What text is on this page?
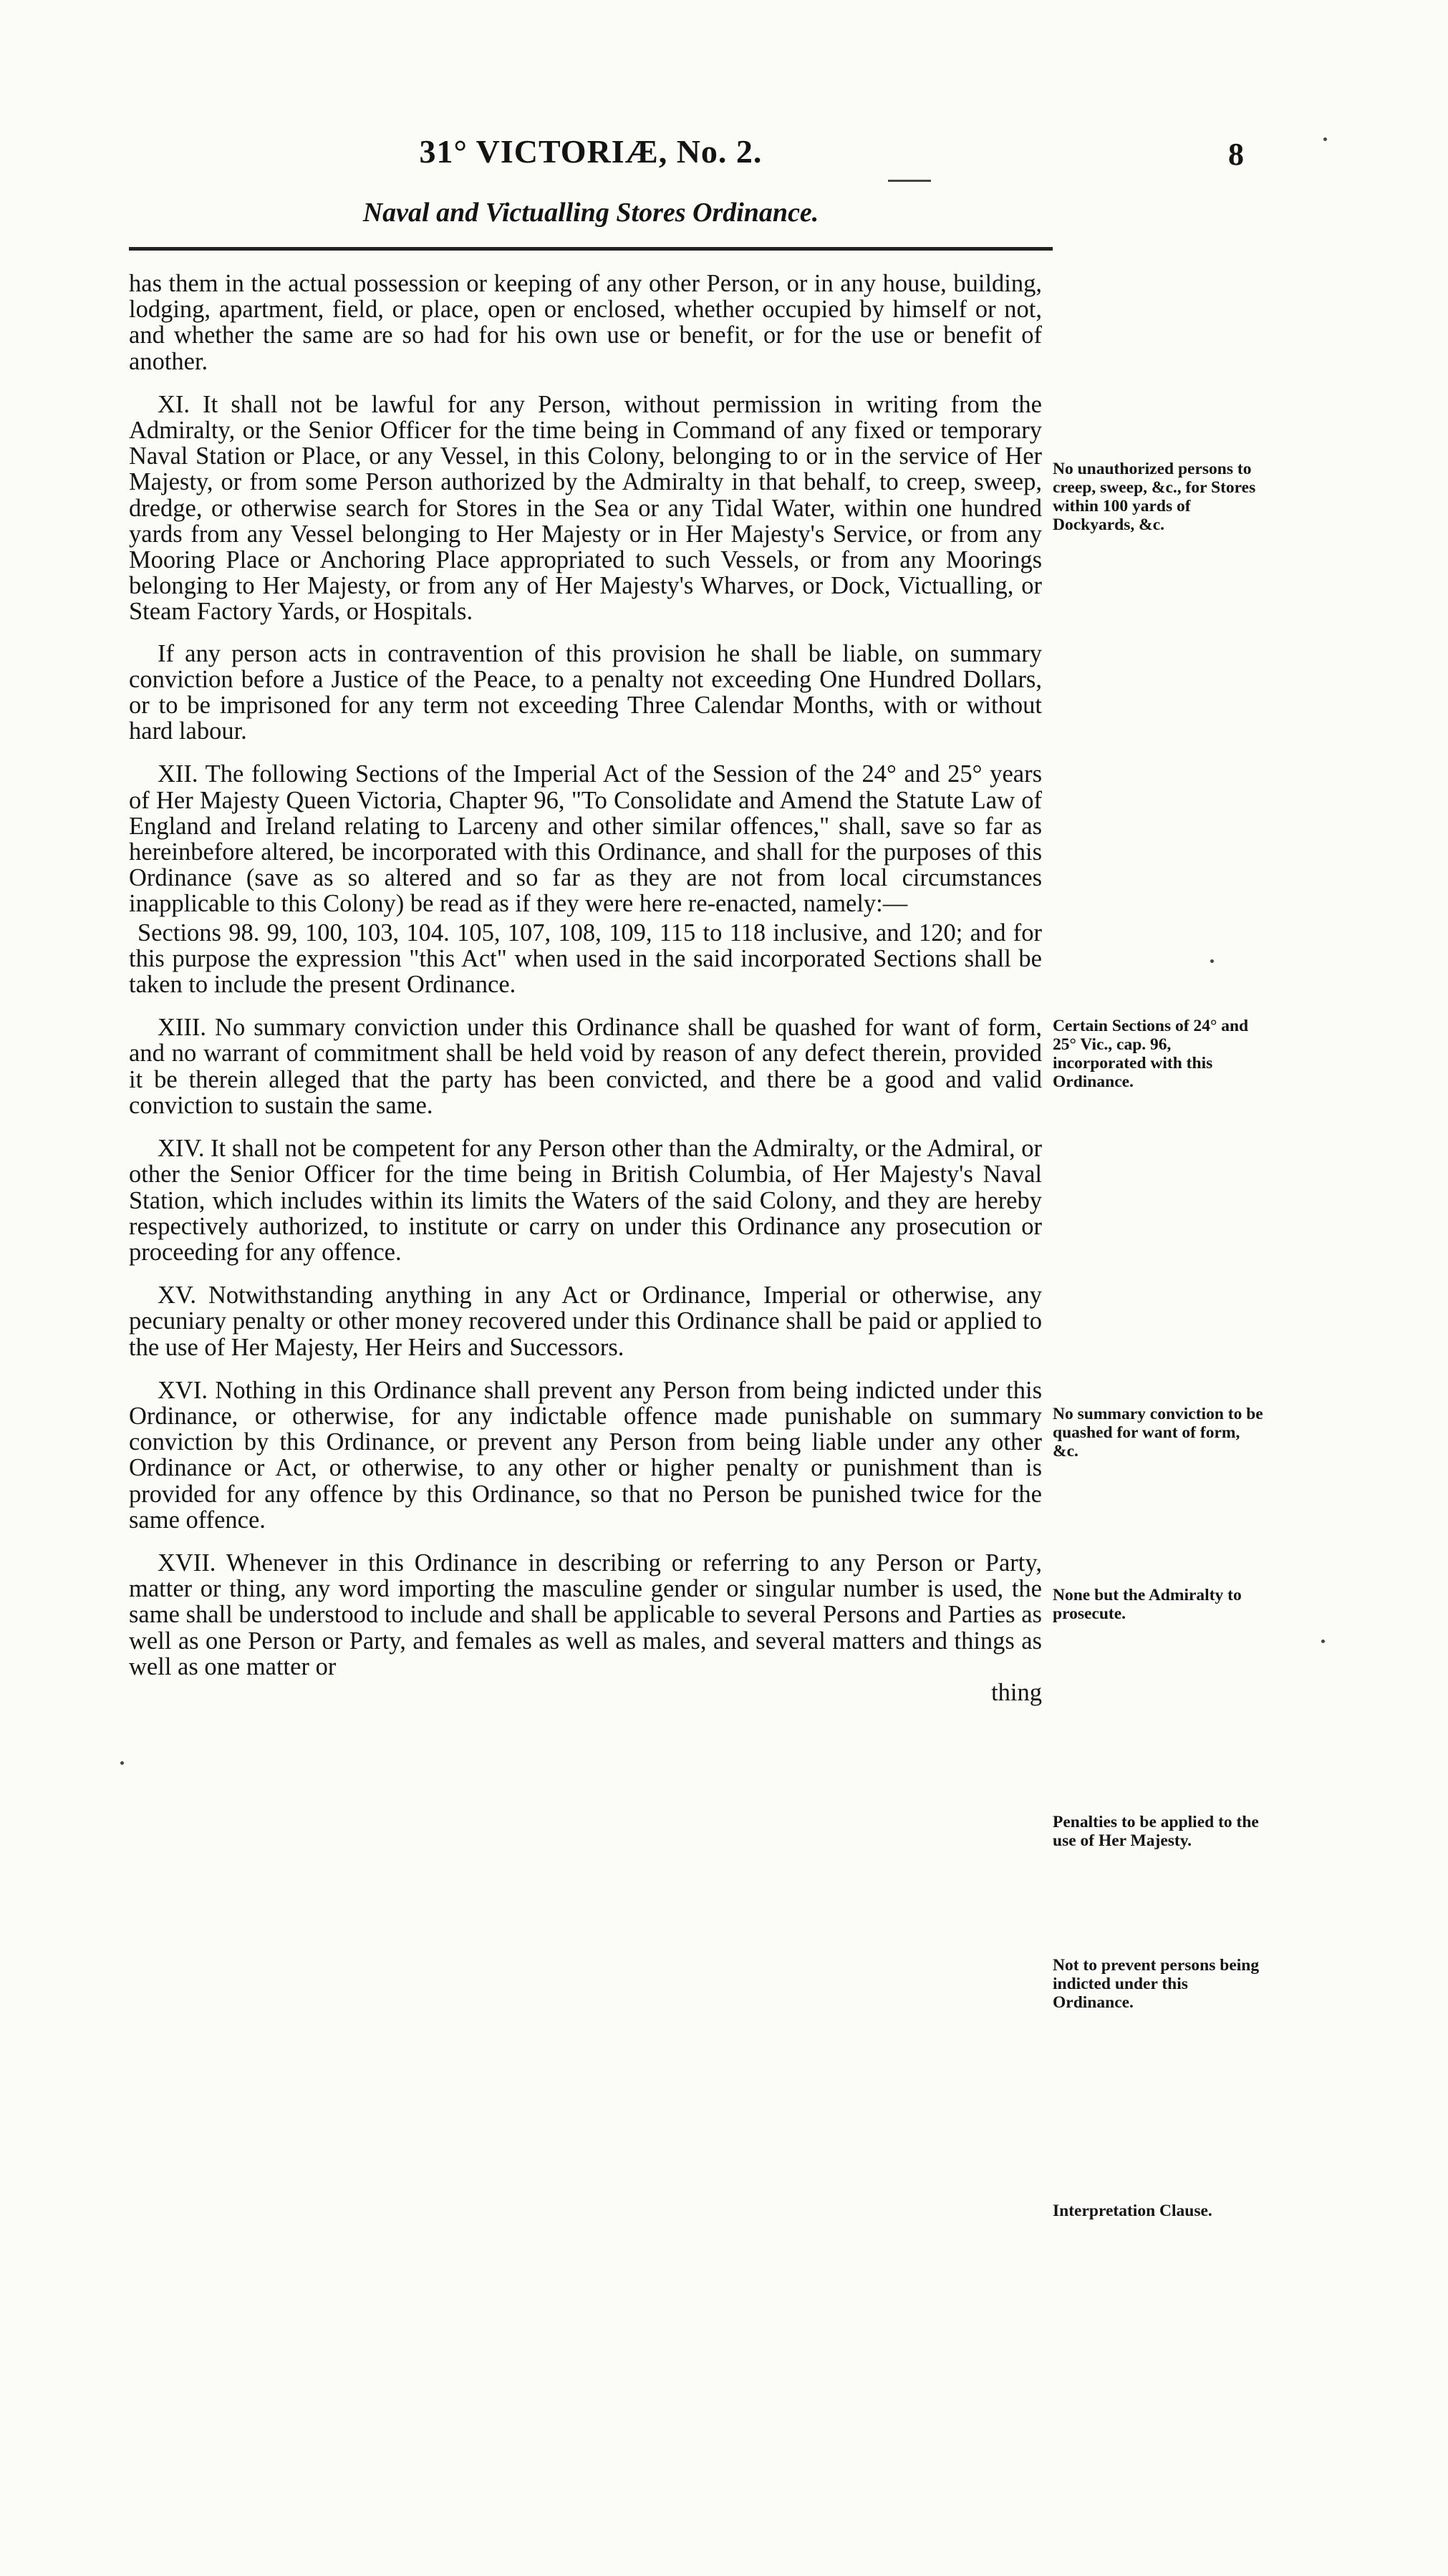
31° VICTORIÆ, No. 2.	8
Naval and Victualling Stores Ordinance.

has them in the actual possession or keeping of any other Person, or in any house, building, lodging, apartment, field, or place, open or enclosed, whether occupied by himself or not, and whether the same are so had for his own use or benefit, or for the use or benefit of another.

XI. It shall not be lawful for any Person, without permission in writing from the Admiralty, or the Senior Officer for the time being in Command of any fixed or temporary Naval Station or Place, or any Vessel, in this Colony, belonging to or in the service of Her Majesty, or from some Person authorized by the Admiralty in that behalf, to creep, sweep, dredge, or otherwise search for Stores in the Sea or any Tidal Water, within one hundred yards from any Vessel belonging to Her Majesty or in Her Majesty's Service, or from any Mooring Place or Anchoring Place appropriated to such Vessels, or from any Moorings belonging to Her Majesty, or from any of Her Majesty's Wharves, or Dock, Victualling, or Steam Factory Yards, or Hospitals.

If any person acts in contravention of this provision he shall be liable, on summary conviction before a Justice of the Peace, to a penalty not exceeding One Hundred Dollars, or to be imprisoned for any term not exceeding Three Calendar Months, with or without hard labour.

XII. The following Sections of the Imperial Act of the Session of the 24° and 25° years of Her Majesty Queen Victoria, Chapter 96, "To Consolidate and Amend the Statute Law of England and Ireland relating to Larceny and other similar offences," shall, save so far as hereinbefore altered, be incorporated with this Ordinance, and shall for the purposes of this Ordinance (save as so altered and so far as they are not from local circumstances inapplicable to this Colony) be read as if they were here re-enacted, namely:—

Sections 98. 99, 100, 103, 104. 105, 107, 108, 109, 115 to 118 inclusive, and 120; and for this purpose the expression "this Act" when used in the said incorporated Sections shall be taken to include the present Ordinance.

XIII. No summary conviction under this Ordinance shall be quashed for want of form, and no warrant of commitment shall be held void by reason of any defect therein, provided it be therein alleged that the party has been convicted, and there be a good and valid conviction to sustain the same.

XIV. It shall not be competent for any Person other than the Admiralty, or the Admiral, or other the Senior Officer for the time being in British Columbia, of Her Majesty's Naval Station, which includes within its limits the Waters of the said Colony, and they are hereby respectively authorized, to institute or carry on under this Ordinance any prosecution or proceeding for any offence.

XV. Notwithstanding anything in any Act or Ordinance, Imperial or otherwise, any pecuniary penalty or other money recovered under this Ordinance shall be paid or applied to the use of Her Majesty, Her Heirs and Successors.

XVI. Nothing in this Ordinance shall prevent any Person from being indicted under this Ordinance, or otherwise, for any indictable offence made punishable on summary conviction by this Ordinance, or prevent any Person from being liable under any other Ordinance or Act, or otherwise, to any other or higher penalty or punishment than is provided for any offence by this Ordinance, so that no Person be punished twice for the same offence.

XVII. Whenever in this Ordinance in describing or referring to any Person or Party, matter or thing, any word importing the masculine gender or singular number is used, the same shall be understood to include and shall be applicable to several Persons and Parties as well as one Person or Party, and females as well as males, and several matters and things as well as one matter or

thing

No unauthorized persons to creep, sweep, &c., for Stores within 100 yards of Dockyards, &c.
Certain Sections of 24° and 25° Vic., cap. 96, incorporated with this Ordinance.
No summary conviction to be quashed for want of form, &c.
None but the Admiralty to prosecute.
Penalties to be applied to the use of Her Majesty.
Not to prevent persons being indicted under this Ordinance.
Interpretation Clause.
